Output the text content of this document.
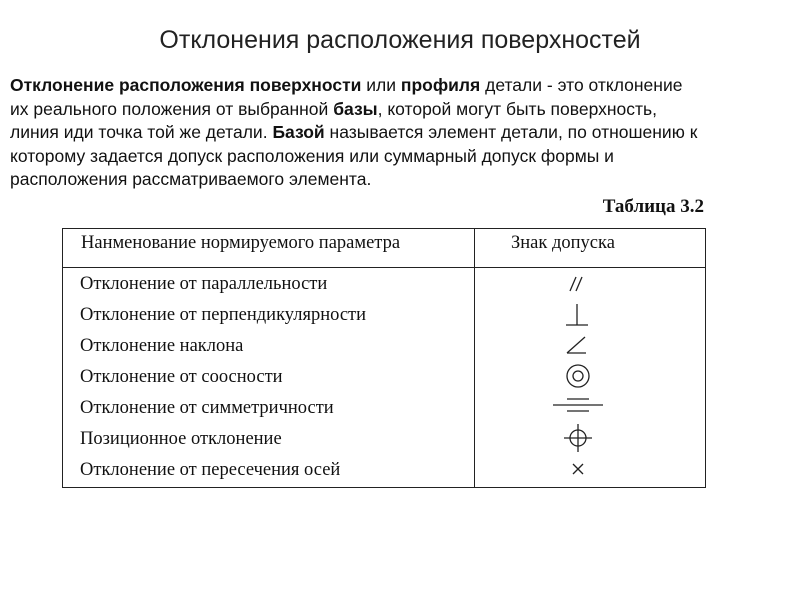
Отклонения расположения поверхностей
Отклонение расположения поверхности или профиля детали - это отклонение
их реального положения от выбранной базы, которой могут быть поверхность,
линия иди точка той же детали. Базой называется элемент детали, по отношению к
которому задается допуск расположения или суммарный допуск формы и
расположения рассматриваемого элемента.
Таблица 3.2
Нанменование нормируемого параметра	Знак допуска
Отклонение от параллельности
Отклонение от перпендикулярности
Отклонение наклона
Отклонение от соосности
Отклонение от симметричности
Позиционное отклонение
Отклонение от пересечения осей
